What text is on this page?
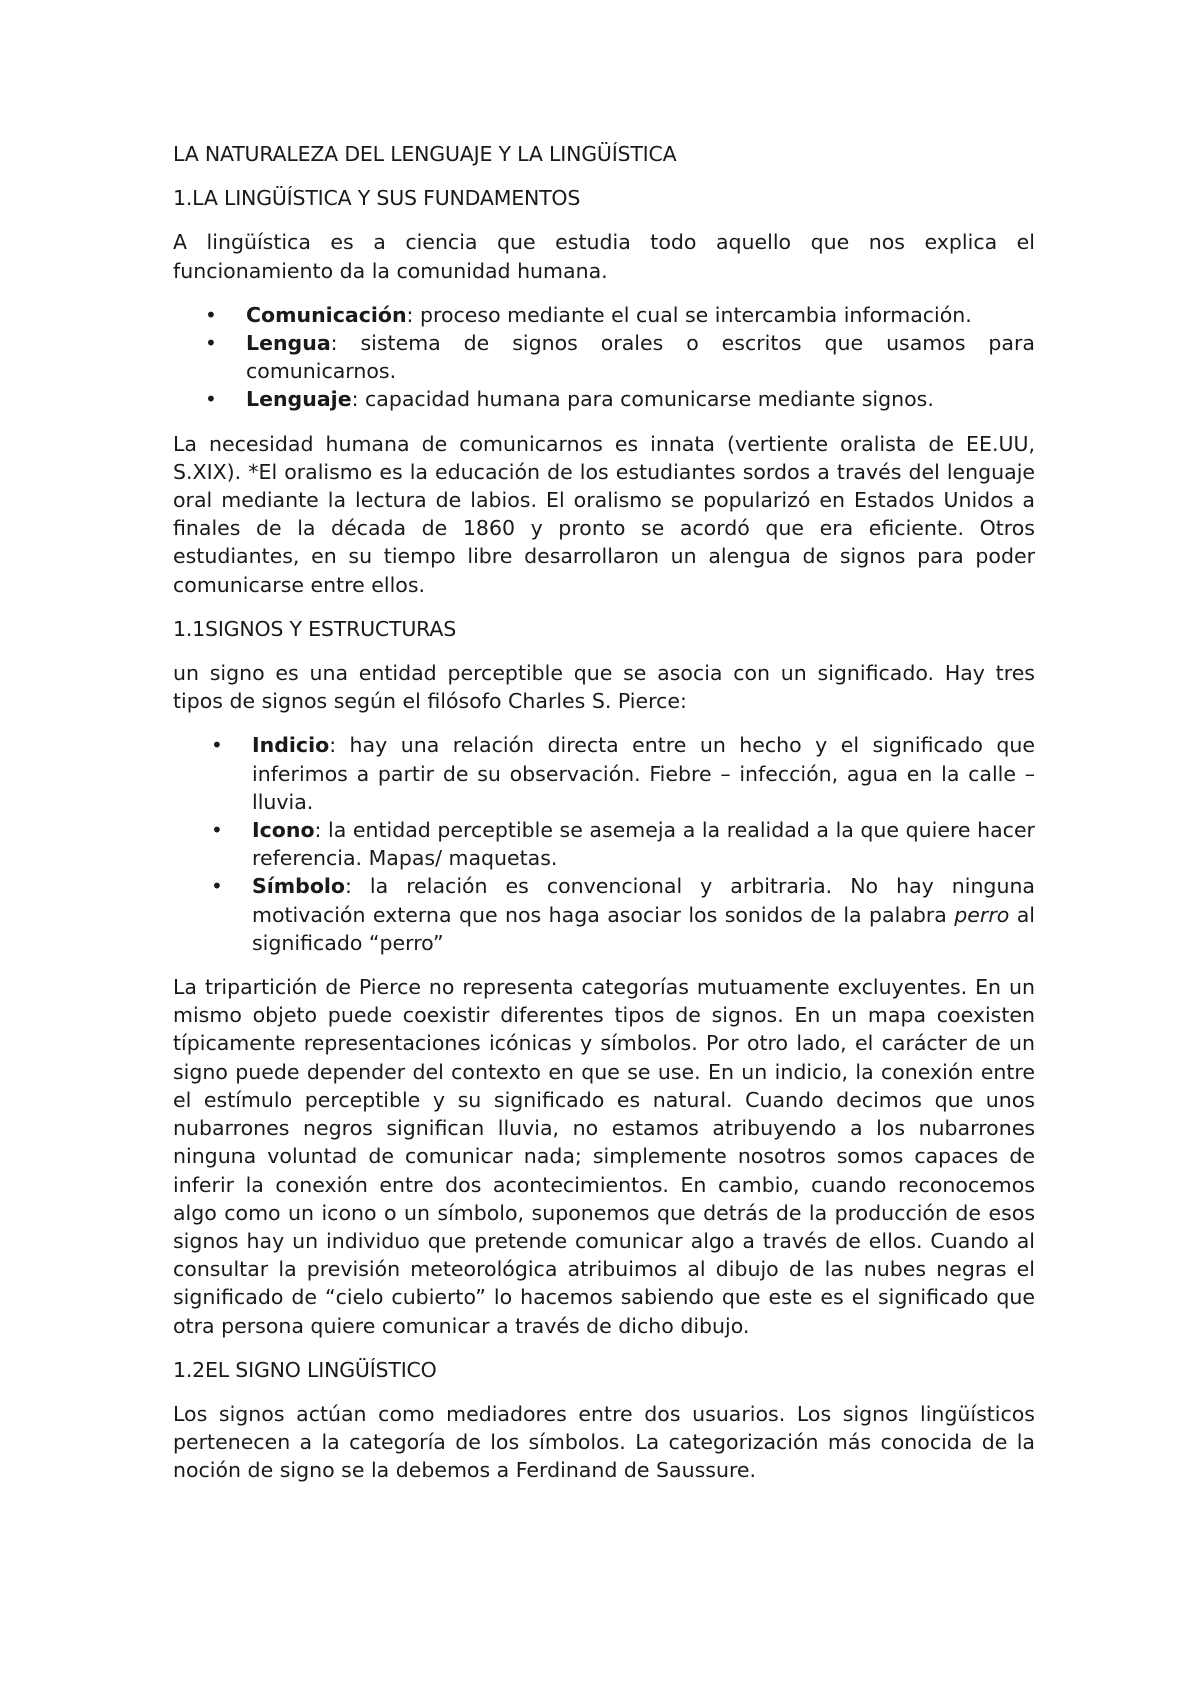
LA NATURALEZA DEL LENGUAJE Y LA LINGÜÍSTICA
1.LA LINGÜÍSTICA Y SUS FUNDAMENTOS

A lingüística es a ciencia que estudia todo aquello que nos explica el funcionamiento da la comunidad humana.

• Comunicación: proceso mediante el cual se intercambia información.
• Lengua: sistema de signos orales o escritos que usamos para comunicarnos.
• Lenguaje: capacidad humana para comunicarse mediante signos.

La necesidad humana de comunicarnos es innata (vertiente oralista de EE.UU, S.XIX). *El oralismo es la educación de los estudiantes sordos a través del lenguaje oral mediante la lectura de labios. El oralismo se popularizó en Estados Unidos a finales de la década de 1860 y pronto se acordó que era eficiente. Otros estudiantes, en su tiempo libre desarrollaron un alengua de signos para poder comunicarse entre ellos.

1.1SIGNOS Y ESTRUCTURAS

un signo es una entidad perceptible que se asocia con un significado. Hay tres tipos de signos según el filósofo Charles S. Pierce:

• Indicio: hay una relación directa entre un hecho y el significado que inferimos a partir de su observación. Fiebre – infección, agua en la calle – lluvia.
• Icono: la entidad perceptible se asemeja a la realidad a la que quiere hacer referencia. Mapas/ maquetas.
• Símbolo: la relación es convencional y arbitraria. No hay ninguna motivación externa que nos haga asociar los sonidos de la palabra perro al significado “perro”

La tripartición de Pierce no representa categorías mutuamente excluyentes. En un mismo objeto puede coexistir diferentes tipos de signos. En un mapa coexisten típicamente representaciones icónicas y símbolos. Por otro lado, el carácter de un signo puede depender del contexto en que se use. En un indicio, la conexión entre el estímulo perceptible y su significado es natural. Cuando decimos que unos nubarrones negros significan lluvia, no estamos atribuyendo a los nubarrones ninguna voluntad de comunicar nada; simplemente nosotros somos capaces de inferir la conexión entre dos acontecimientos. En cambio, cuando reconocemos algo como un icono o un símbolo, suponemos que detrás de la producción de esos signos hay un individuo que pretende comunicar algo a través de ellos. Cuando al consultar la previsión meteorológica atribuimos al dibujo de las nubes negras el significado de “cielo cubierto” lo hacemos sabiendo que este es el significado que otra persona quiere comunicar a través de dicho dibujo.

1.2EL SIGNO LINGÜÍSTICO

Los signos actúan como mediadores entre dos usuarios. Los signos lingüísticos pertenecen a la categoría de los símbolos. La categorización más conocida de la noción de signo se la debemos a Ferdinand de Saussure.
